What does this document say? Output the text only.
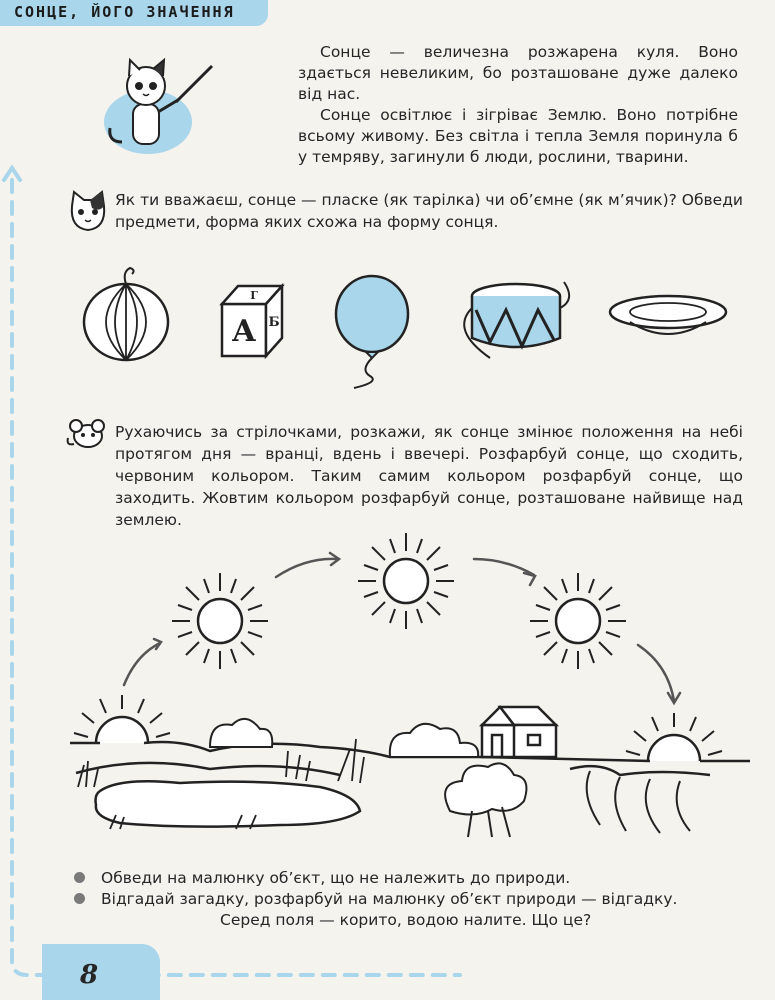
СОНЦЕ, ЙОГО ЗНАЧЕННЯ

Сонце — величезна розжарена куля. Воно здається невеликим, бо розташоване дуже далеко від нас.

Сонце освітлює і зігріває Землю. Воно потрібне всьому живому. Без світла і тепла Земля поринула б у темряву, загинули б люди, рослини, тварини.

Як ти вважаєш, сонце — пласке (як тарілка) чи об’ємне (як м’ячик)? Обведи предмети, форма яких схожа на форму сонця.
А
Г
Б
Рухаючись за стрілочками, розкажи, як сонце змінює положення на небі протягом дня — вранці, вдень і ввечері. Розфарбуй сонце, що сходить, червоним кольором. Таким самим кольором розфарбуй сонце, що заходить. Жовтим кольором розфарбуй сонце, розташоване найвище над землею.
Обведи на малюнку об’єкт, що не належить до природи.
Відгадай загадку, розфарбуй на малюнку об’єкт природи — відгадку.
Серед поля — корито, водою налите. Що це?
8
